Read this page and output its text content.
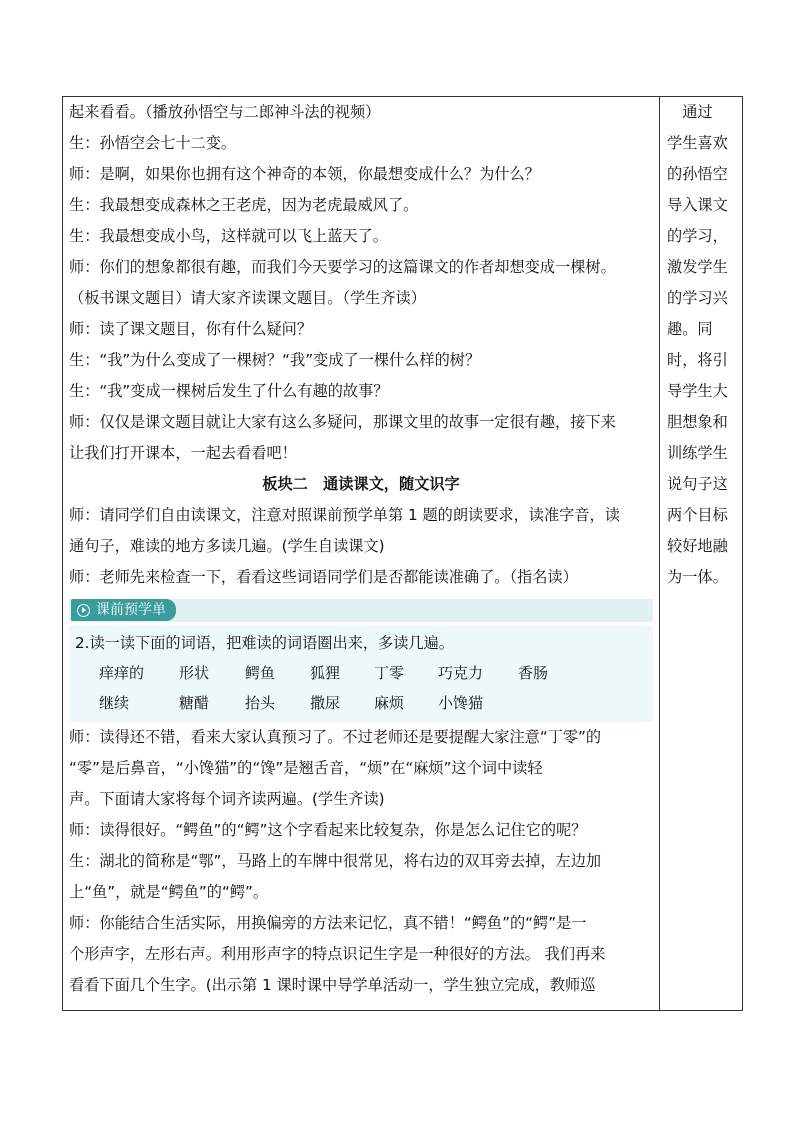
起来看看。（播放孙悟空与二郎神斗法的视频）
生：孙悟空会七十二变。
师：是啊，如果你也拥有这个神奇的本领，你最想变成什么？为什么？
生：我最想变成森林之王老虎，因为老虎最威风了。
生：我最想变成小鸟，这样就可以飞上蓝天了。
师：你们的想象都很有趣，而我们今天要学习的这篇课文的作者却想变成一棵树。
（板书课文题目）请大家齐读课文题目。（学生齐读）
师：读了课文题目，你有什么疑问？
生：“我”为什么变成了一棵树？“我”变成了一棵什么样的树？
生：“我”变成一棵树后发生了什么有趣的故事？
师：仅仅是课文题目就让大家有这么多疑问，那课文里的故事一定很有趣，接下来
让我们打开课本，一起去看看吧！
板块二　通读课文，随文识字
师：请同学们自由读课文，注意对照课前预学单第 1 题的朗读要求，读准字音，读
通句子，难读的地方多读几遍。(学生自读课文)
师：老师先来检查一下，看看这些词语同学们是否都能读准确了。（指名读）
课前预学单
2.读一读下面的词语，把难读的词语圈出来，多读几遍。
痒痒的	形状	鳄鱼	狐狸	丁零	巧克力	香肠
继续	糖醋	抬头	撒尿	麻烦	小馋猫
师：读得还不错，看来大家认真预习了。不过老师还是要提醒大家注意“丁零”的
“零”是后鼻音，“小馋猫”的“馋”是翘舌音，“烦”在“麻烦”这个词中读轻
声。下面请大家将每个词齐读两遍。(学生齐读)
师：读得很好。“鳄鱼”的“鳄”这个字看起来比较复杂，你是怎么记住它的呢？
生：湖北的简称是“鄂”，马路上的车牌中很常见，将右边的双耳旁去掉，左边加
上“鱼”，就是“鳄鱼”的“鳄”。
师：你能结合生活实际，用换偏旁的方法来记忆，真不错！“鳄鱼”的“鳄”是一
个形声字，左形右声。利用形声字的特点识记生字是一种很好的方法。 我们再来
看看下面几个生字。(出示第 1 课时课中导学单活动一，学生独立完成，教师巡
　通过
学生喜欢
的孙悟空
导入课文
的学习，
激发学生
的学习兴
趣。同
时，将引
导学生大
胆想象和
训练学生
说句子这
两个目标
较好地融
为一体。
